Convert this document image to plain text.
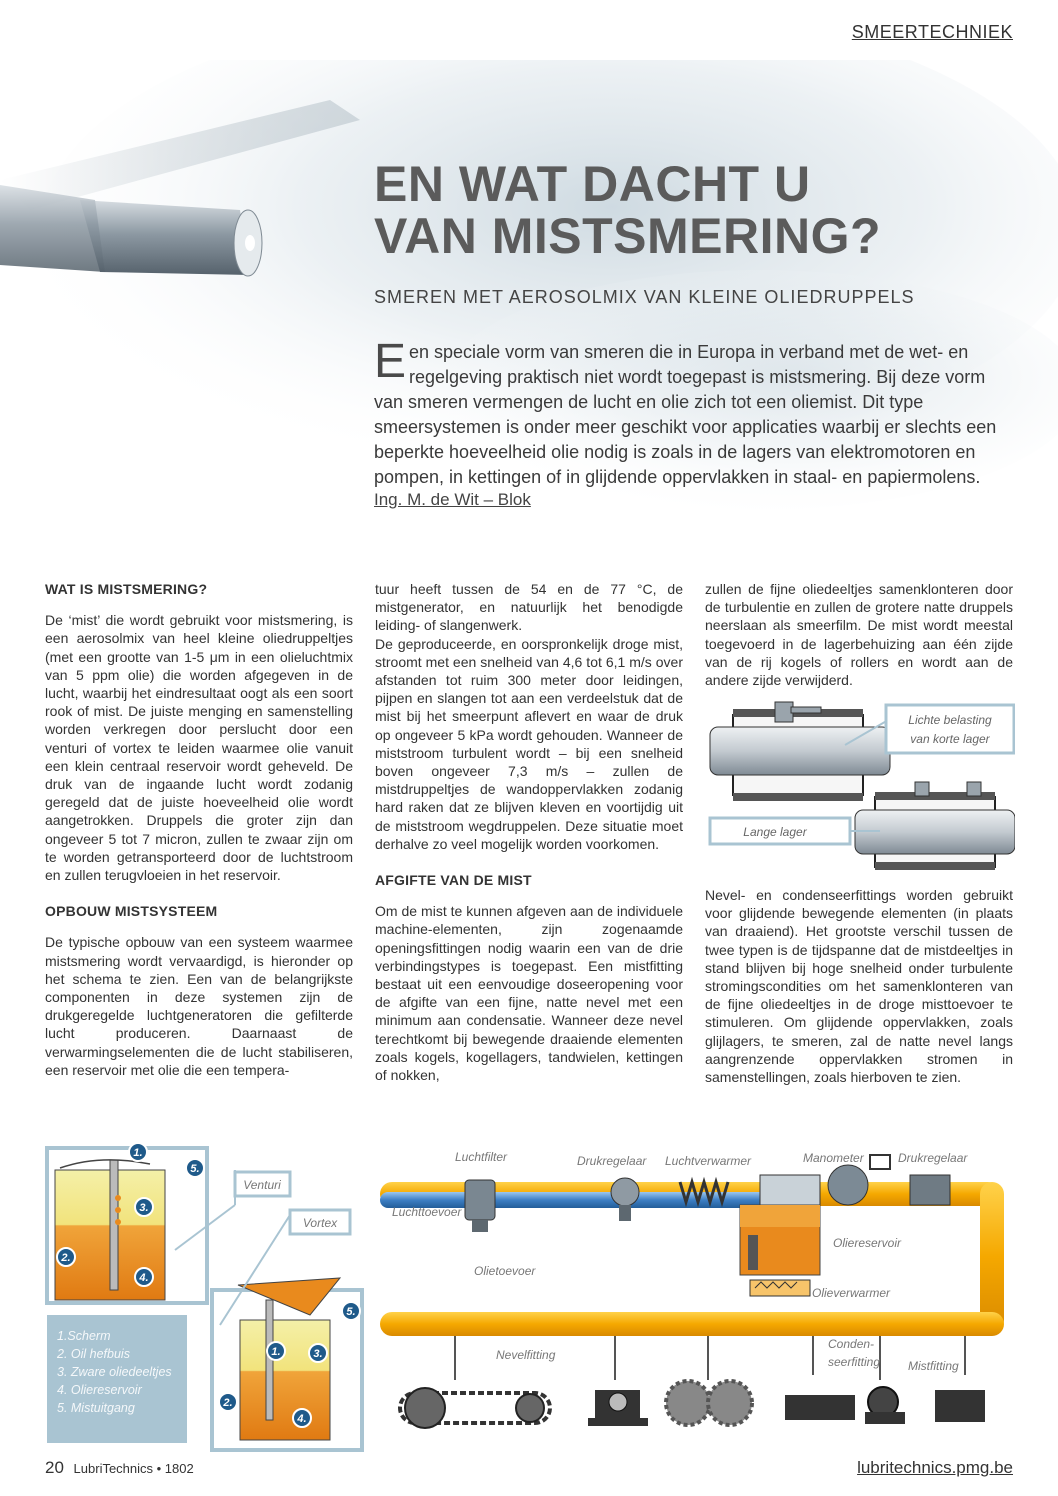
SMEERTECHNIEK
EN WAT DACHT U
VAN MISTSMERING?
SMEREN MET AEROSOLMIX VAN KLEINE OLIEDRUPPELS

Een speciale vorm van smeren die in Europa in verband met de wet- en regelgeving praktisch niet wordt toegepast is mistsmering. Bij deze vorm van smeren vermengen de lucht en olie zich tot een oliemist. Dit type smeersystemen is onder meer geschikt voor applicaties waarbij er slechts een beperkte hoeveelheid olie nodig is zoals in de lagers van elektromotoren en pompen, in kettingen of in glijdende oppervlakken in staal- en papiermolens.

Ing. M. de Wit – Blok
WAT IS MISTSMERING?

De ‘mist’ die wordt gebruikt voor mistsmering, is een aerosolmix van heel kleine oliedruppeltjes (met een grootte van 1-5 μm in een olieluchtmix van 5 ppm olie) die worden afgegeven in de lucht, waarbij het eindresultaat oogt als een soort rook of mist. De juiste menging en samenstelling worden verkregen door perslucht door een venturi of vortex te leiden waarmee olie vanuit een klein centraal reservoir wordt geheveld. De druk van de ingaande lucht wordt zodanig geregeld dat de juiste hoeveelheid olie wordt aangetrokken. Druppels die groter zijn dan ongeveer 5 tot 7 micron, zullen te zwaar zijn om te worden getransporteerd door de luchtstroom en zullen terugvloeien in het reservoir.

OPBOUW MISTSYSTEEM

De typische opbouw van een systeem waarmee mistsmering wordt vervaardigd, is hieronder op het schema te zien. Een van de belangrijkste componenten in deze systemen zijn de drukgeregelde luchtgeneratoren die gefilterde lucht produceren. Daarnaast de verwarmingselementen die de lucht stabiliseren, een reservoir met olie die een tempera-

tuur heeft tussen de 54 en de 77 °C, de mistgenerator, en natuurlijk het benodigde leiding- of slangenwerk.

De geproduceerde, en oorspronkelijk droge mist, stroomt met een snelheid van 4,6 tot 6,1 m/s over afstanden tot ruim 300 meter door leidingen, pijpen en slangen tot aan een verdeelstuk dat de mist bij het smeerpunt aflevert en waar de druk op ongeveer 5 kPa wordt gehouden. Wanneer de miststroom turbulent wordt – bij een snelheid boven ongeveer 7,3 m/s – zullen de mistdruppeltjes de wandoppervlakken zodanig hard raken dat ze blijven kleven en voortijdig uit de miststroom wegdruppelen. Deze situatie moet derhalve zo veel mogelijk worden voorkomen.

AFGIFTE VAN DE MIST

Om de mist te kunnen afgeven aan de individuele machine-elementen, zijn zogenaamde openingsfittingen nodig waarin een van de drie verbindingstypes is toegepast. Een mistfitting bestaat uit een eenvoudige doseeropening voor de afgifte van een fijne, natte nevel met een minimum aan condensatie. Wanneer deze nevel terechtkomt bij bewegende draaiende elementen zoals kogels, kogellagers, tandwielen, kettingen of nokken,

zullen de fijne oliedeeltjes samenklonteren door de turbulentie en zullen de grotere natte druppels neerslaan als smeerfilm. De mist wordt meestal toegevoerd in de lagerbehuizing aan één zijde van de rij kogels of rollers en wordt aan de andere zijde verwijderd.

Nevel- en condenseerfittings worden gebruikt voor glijdende bewegende elementen (in plaats van draaiend). Het grootste verschil tussen de twee typen is de tijdspanne dat de mistdeeltjes in stand blijven bij hoge snelheid onder turbulente stromingscondities om het samenklonteren van de fijne oliedeeltjes in de droge misttoevoer te stimuleren. Om glijdende oppervlakken, zoals glijlagers, te smeren, zal de natte nevel langs aangrenzende oppervlakken stromen in samenstellingen, zoals hierboven te zien.

Lichte belasting
van korte lager
Lange lager
Venturi
Vortex
1.
5.
3.
2.
4.
5.
1.	3.
2.
4.
Luchtfilter	Drukregelaar Luchtverwarmer	Manometer	Drukregelaar
Luchttoevoer
Oliereservoir
Olietoevoer
Olieverwarmer
Nevelfitting
Conden-
seerfitting Mistfitting
1.Scherm
2. Oil hefbuis
3. Zware oliedeeltjes
4. Oliereservoir
5. Mistuitgang
20 LubriTechnics • 1802	lubritechnics.pmg.be
